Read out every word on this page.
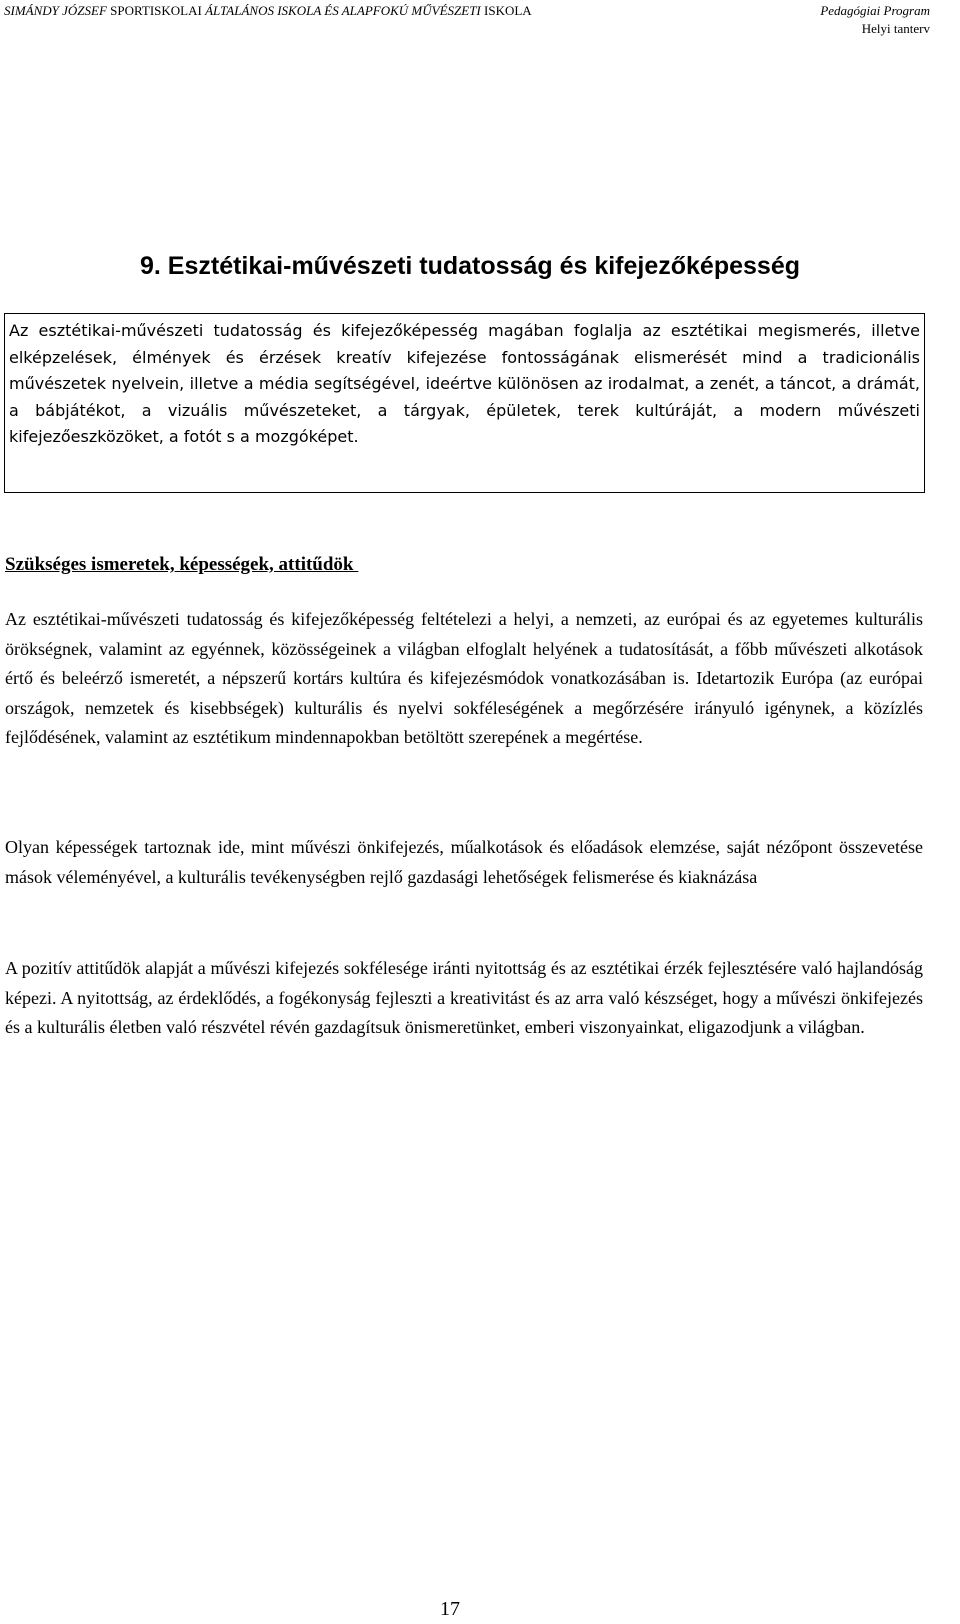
SIMÁNDY JÓZSEF SPORTISKOLAI ÁLTALÁNOS ISKOLA ÉS ALAPFOKÚ MŰVÉSZETI ISKOLA	Pedagógiai Program
Helyi tanterv
9. Esztétikai-művészeti tudatosság és kifejezőképesség
Az esztétikai-művészeti tudatosság és kifejezőképesség magában foglalja az esztétikai megismerés, illetve elképzelések, élmények és érzések kreatív kifejezése fontosságának elismerését mind a tradicionális művészetek nyelvein, illetve a média segítségével, ideértve különösen az irodalmat, a zenét, a táncot, a drámát, a bábjátékot, a vizuális művészeteket, a tárgyak, épületek, terek kultúráját, a modern művészeti kifejezőeszközöket, a fotót s a mozgóképet.
Szükséges ismeretek, képességek, attitűdök

Az esztétikai-művészeti tudatosság és kifejezőképesség feltételezi a helyi, a nemzeti, az európai és az egyetemes kulturális örökségnek, valamint az egyénnek, közösségeinek a világban elfoglalt helyének a tudatosítását, a főbb művészeti alkotások értő és beleérző ismeretét, a népszerű kortárs kultúra és kifejezésmódok vonatkozásában is. Idetartozik Európa (az európai országok, nemzetek és kisebbségek) kulturális és nyelvi sokféleségének a megőrzésére irányuló igénynek, a közízlés fejlődésének, valamint az esztétikum mindennapokban betöltött szerepének a megértése.

Olyan képességek tartoznak ide, mint művészi önkifejezés, műalkotások és előadások elemzése, saját nézőpont összevetése mások véleményével, a kulturális tevékenységben rejlő gazdasági lehetőségek felismerése és kiaknázása

A pozitív attitűdök alapját a művészi kifejezés sokfélesége iránti nyitottság és az esztétikai érzék fejlesztésére való hajlandóság képezi. A nyitottság, az érdeklődés, a fogékonyság fejleszti a kreativitást és az arra való készséget, hogy a művészi önkifejezés és a kulturális életben való részvétel révén gazdagítsuk önismeretünket, emberi viszonyainkat, eligazodjunk a világban.

17
